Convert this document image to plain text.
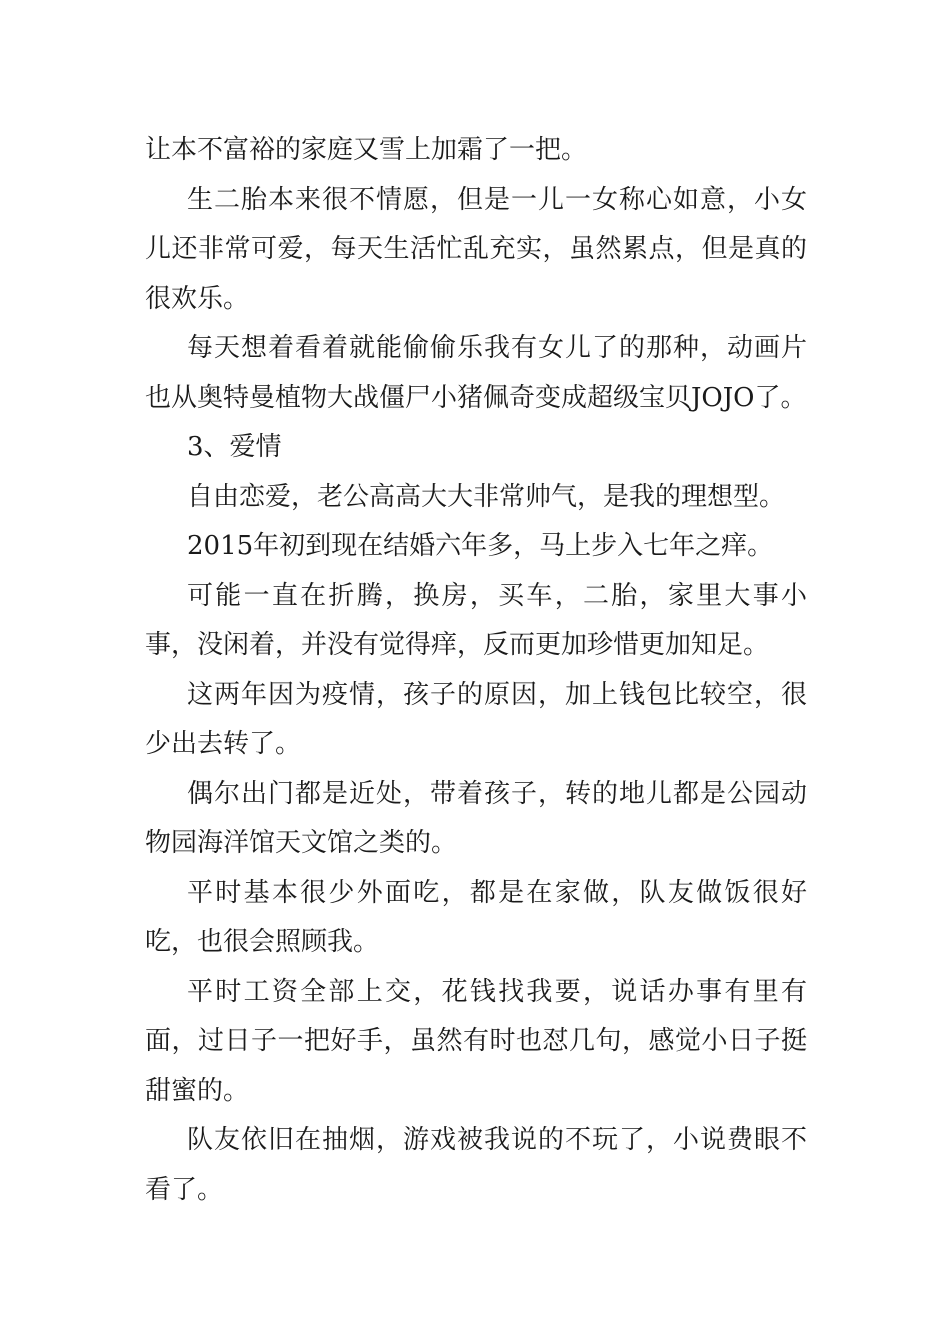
让本不富裕的家庭又雪上加霜了一把。

生二胎本来很不情愿，但是一儿一女称心如意，小女儿还非常可爱，每天生活忙乱充实，虽然累点，但是真的很欢乐。

每天想着看着就能偷偷乐我有女儿了的那种，动画片也从奥特曼植物大战僵尸小猪佩奇变成超级宝贝JOJO了。

3、爱情

自由恋爱，老公高高大大非常帅气，是我的理想型。

2015年初到现在结婚六年多，马上步入七年之痒。

可能一直在折腾，换房，买车，二胎，家里大事小事，没闲着，并没有觉得痒，反而更加珍惜更加知足。

这两年因为疫情，孩子的原因，加上钱包比较空，很少出去转了。

偶尔出门都是近处，带着孩子，转的地儿都是公园动物园海洋馆天文馆之类的。

平时基本很少外面吃，都是在家做，队友做饭很好吃，也很会照顾我。

平时工资全部上交，花钱找我要，说话办事有里有面，过日子一把好手，虽然有时也怼几句，感觉小日子挺甜蜜的。

队友依旧在抽烟，游戏被我说的不玩了，小说费眼不看了。
